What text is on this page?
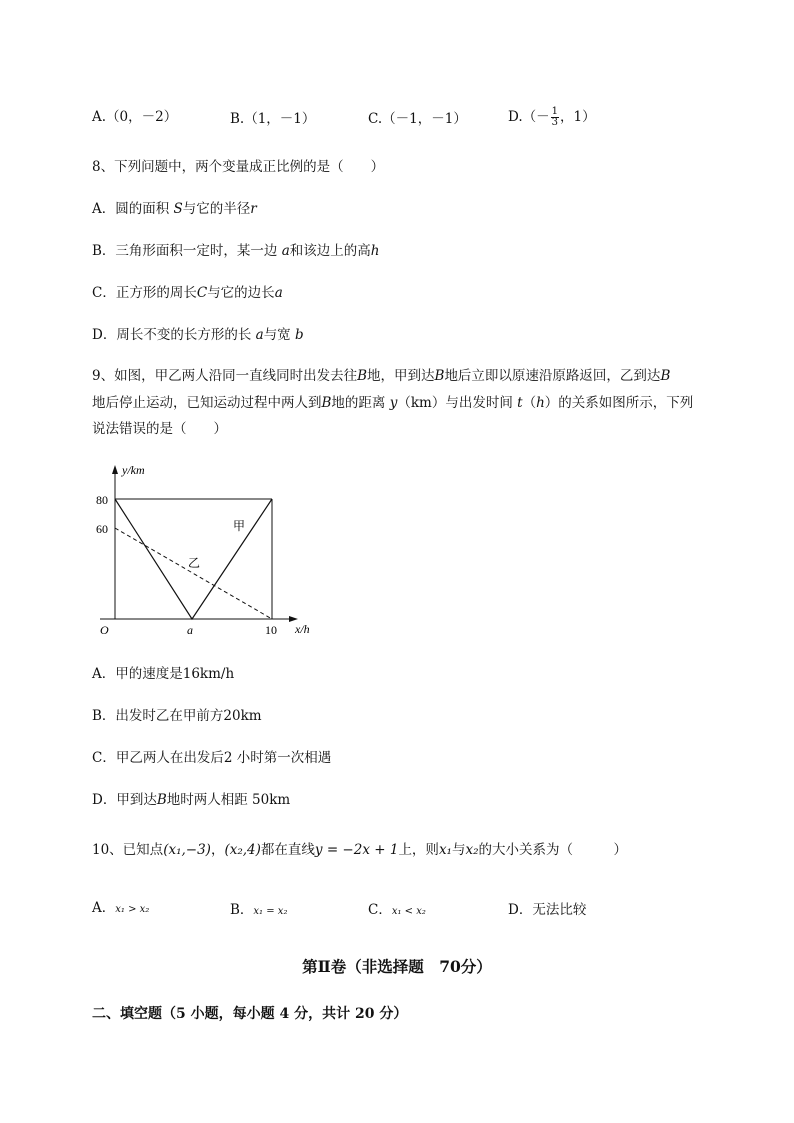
A.（0，－2）	B.（1，－1）	C.（－1，－1）	$D.(- \frac{1}{3}$ ，1）
8、下列问题中，两个变量成正比例的是（　　）
A．圆的面积 S与它的半径r
B．三角形面积一定时，某一边 a和该边上的高h
C．正方形的周长C与它的边长a
D．周长不变的长方形的长 a与宽 b
9、如图，甲乙两人沿同一直线同时出发去往B地，甲到达B地后立即以原速沿原路返回，乙到达B
地后停止运动，已知运动过程中两人到B地的距离 y（km）与出发时间 t（h）的关系如图所示，下列
说法错误的是（　　）
y/km
x/h
O
80
60
a	10
甲
乙
A．甲的速度是16km/h
B．出发时乙在甲前方20km
C．甲乙两人在出发后2 小时第一次相遇
D．甲到达B地时两人相距 50km
10、已知点(x₁,−3)，(x₂,4)都在直线y = −2x + 1上，则x₁与x₂的大小关系为（　　　）
A．x₁ > x₂	B．x₁ = x₂	C．x₁ < x₂	D．无法比较
第Ⅱ卷（非选择题　70分）
二、填空题（5 小题，每小题 4 分，共计 20 分）
